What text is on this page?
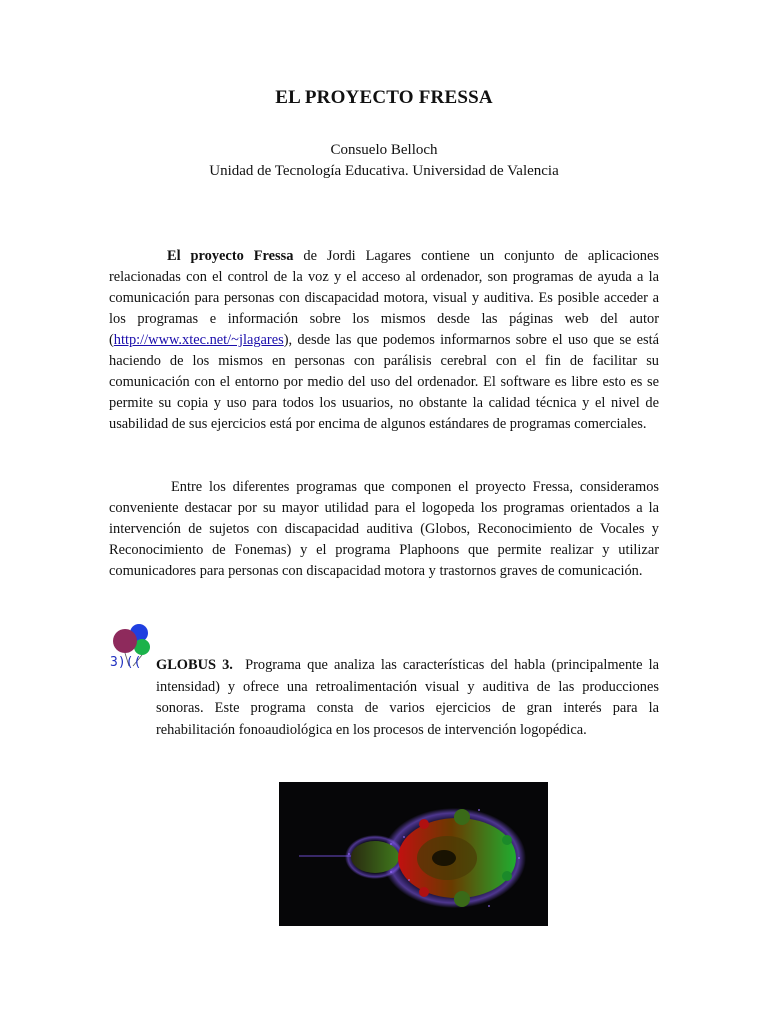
EL PROYECTO FRESSA
Consuelo Belloch
Unidad de Tecnología Educativa. Universidad de Valencia

El proyecto Fressa de Jordi Lagares contiene un conjunto de aplicaciones relacionadas con el control de la voz y el acceso al ordenador, son programas de ayuda a la comunicación para personas con discapacidad motora, visual y auditiva. Es posible acceder a los programas e información sobre los mismos desde las páginas web del autor (http://www.xtec.net/~jlagares), desde las que podemos informarnos sobre el uso que se está haciendo de los mismos en personas con parálisis cerebral con el fin de facilitar su comunicación con el entorno por medio del uso del ordenador. El software es libre esto es se permite su copia y uso para todos los usuarios, no obstante la calidad técnica y el nivel de usabilidad de sus ejercicios está por encima de algunos estándares de programas comerciales.

Entre los diferentes programas que componen el proyecto Fressa, consideramos conveniente destacar por su mayor utilidad para el logopeda los programas orientados a la intervención de sujetos con discapacidad auditiva (Globos, Reconocimiento de Vocales y Reconocimiento de Fonemas) y el programa Plaphoons que permite realizar y utilizar comunicadores para personas con discapacidad motora y trastornos graves de comunicación.

3)(( GLOBUS 3. Programa que analiza las características del habla (principalmente la intensidad) y ofrece una retroalimentación visual y auditiva de las producciones sonoras. Este programa consta de varios ejercicios de gran interés para la rehabilitación fonoaudiológica en los procesos de intervención logopédica.
